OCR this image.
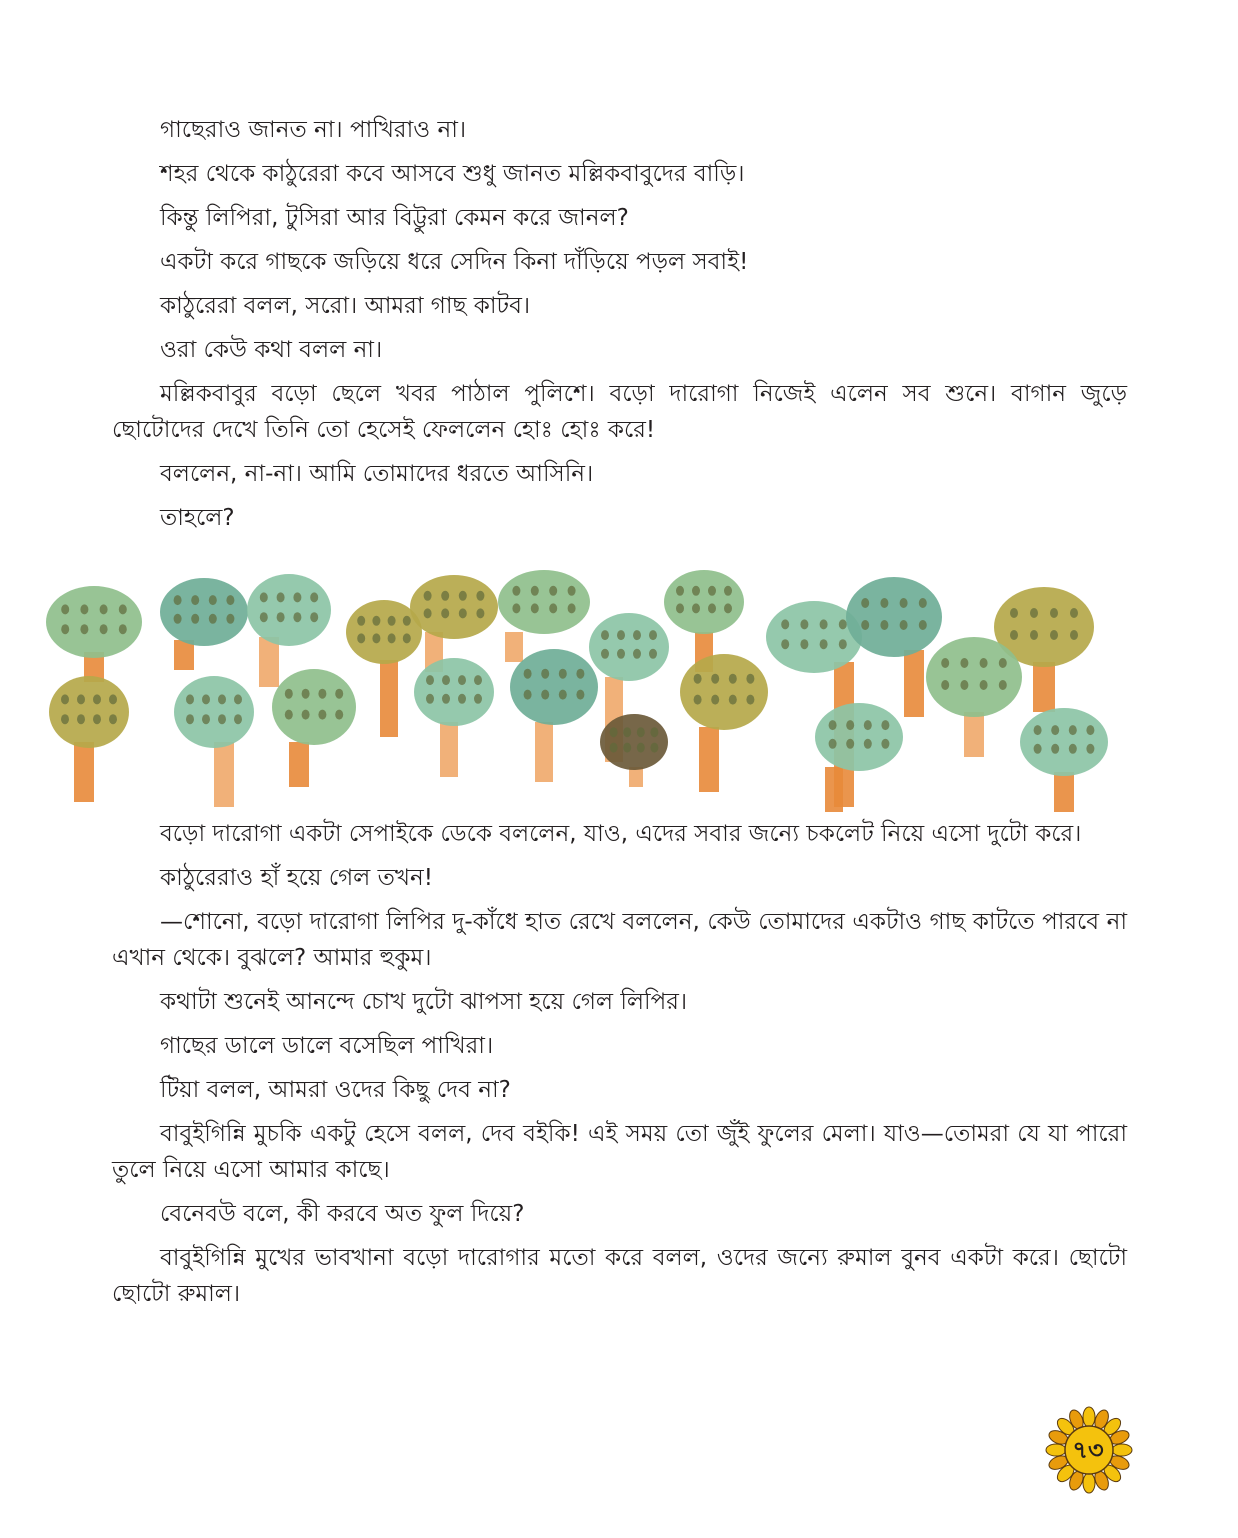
গাছেরাও জানত না। পাখিরাও না।

শহর থেকে কাঠুরেরা কবে আসবে শুধু জানত মল্লিকবাবুদের বাড়ি।

কিন্তু লিপিরা, টুসিরা আর বিট্টুরা কেমন করে জানল?

একটা করে গাছকে জড়িয়ে ধরে সেদিন কিনা দাঁড়িয়ে পড়ল সবাই!

কাঠুরেরা বলল, সরো। আমরা গাছ কাটব।

ওরা কেউ কথা বলল না।

মল্লিকবাবুর বড়ো ছেলে খবর পাঠাল পুলিশে। বড়ো দারোগা নিজেই এলেন সব শুনে। বাগান জুড়ে ছোটোদের দেখে তিনি তো হেসেই ফেললেন হোঃ হোঃ করে!

বললেন, না-না। আমি তোমাদের ধরতে আসিনি।

তাহলে?

বড়ো দারোগা একটা সেপাইকে ডেকে বললেন, যাও, এদের সবার জন্যে চকলেট নিয়ে এসো দুটো করে।

কাঠুরেরাও হাঁ হয়ে গেল তখন!

—শোনো, বড়ো দারোগা লিপির দু-কাঁধে হাত রেখে বললেন, কেউ তোমাদের একটাও গাছ কাটতে পারবে না এখান থেকে। বুঝলে? আমার হুকুম।

কথাটা শুনেই আনন্দে চোখ দুটো ঝাপসা হয়ে গেল লিপির।

গাছের ডালে ডালে বসেছিল পাখিরা।

টিয়া বলল, আমরা ওদের কিছু দেব না?

বাবুইগিন্নি মুচকি একটু হেসে বলল, দেব বইকি! এই সময় তো জুঁই ফুলের মেলা। যাও—তোমরা যে যা পারো তুলে নিয়ে এসো আমার কাছে।

বেনেবউ বলে, কী করবে অত ফুল দিয়ে?

বাবুইগিন্নি মুখের ভাবখানা বড়ো দারোগার মতো করে বলল, ওদের জন্যে রুমাল বুনব একটা করে। ছোটো ছোটো রুমাল।

৭৩
